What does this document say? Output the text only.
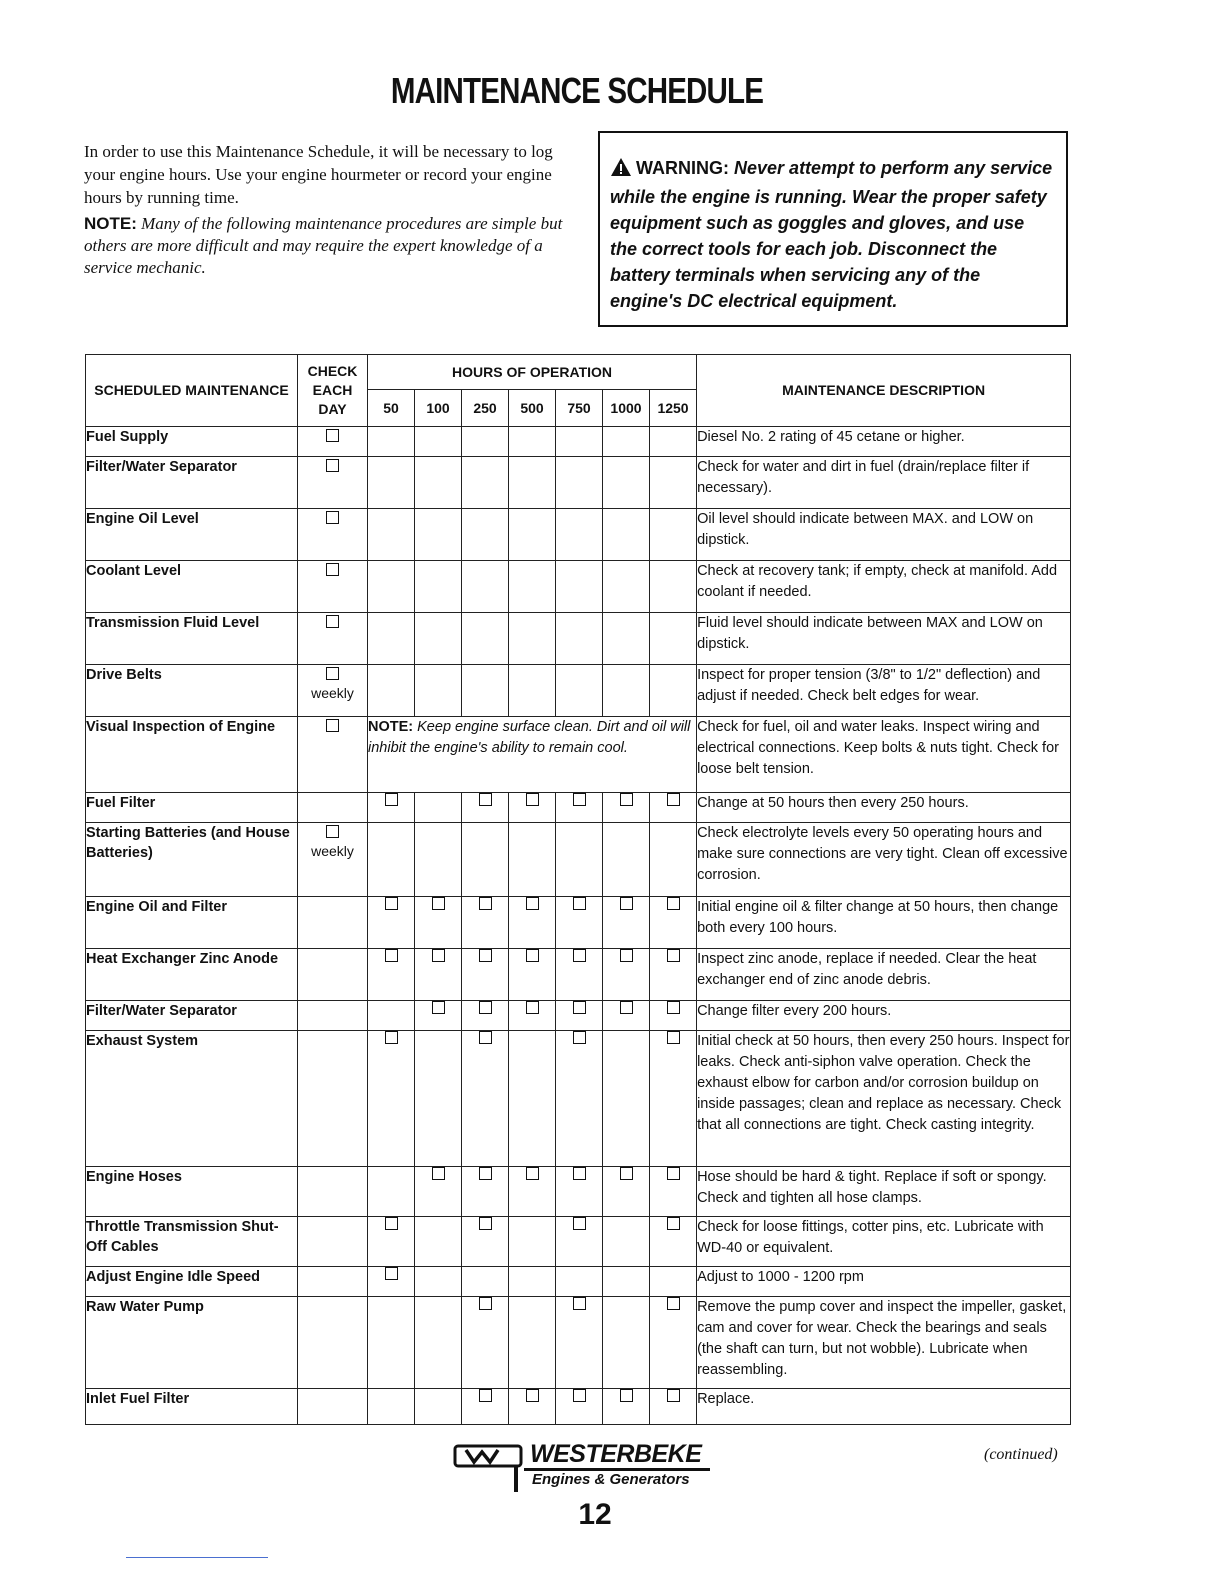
MAINTENANCE SCHEDULE

In order to use this Maintenance Schedule, it will be necessary to log your engine hours. Use your engine hourmeter or record your engine hours by running time.

NOTE: Many of the following maintenance procedures are simple but others are more difficult and may require the expert knowledge of a service mechanic.

WARNING: Never attempt to perform any service while the engine is running. Wear the proper safety equipment such as goggles and gloves, and use the correct tools for each job. Disconnect the battery terminals when servicing any of the engine's DC electrical equipment.
SCHEDULED MAINTENANCE	CHECK EACH DAY	HOURS OF OPERATION							MAINTENANCE DESCRIPTION
		50	100	250	500	750	1000	1250	
Fuel Supply									Diesel No. 2 rating of 45 cetane or higher.
Filter/Water Separator									Check for water and dirt in fuel (drain/replace filter if necessary).
Engine Oil Level									Oil level should indicate between MAX. and LOW on dipstick.
Coolant Level									Check at recovery tank; if empty, check at manifold. Add coolant if needed.
Transmission Fluid Level									Fluid level should indicate between MAX and LOW on dipstick.
Drive Belts	weekly								Inspect for proper tension (3/8" to 1/2" deflection) and adjust if needed. Check belt edges for wear.
Visual Inspection of Engine		NOTE: Keep engine surface clean. Dirt and oil will inhibit the engine's ability to remain cool.							Check for fuel, oil and water leaks. Inspect wiring and electrical connections. Keep bolts & nuts tight. Check for loose belt tension.
Fuel Filter									Change at 50 hours then every 250 hours.
Starting Batteries (and House Batteries)	weekly								Check electrolyte levels every 50 operating hours and make sure connections are very tight. Clean off excessive corrosion.
Engine Oil and Filter									Initial engine oil & filter change at 50 hours, then change both every 100 hours.
Heat Exchanger Zinc Anode									Inspect zinc anode, replace if needed. Clear the heat exchanger end of zinc anode debris.
Filter/Water Separator									Change filter every 200 hours.
Exhaust System									Initial check at 50 hours, then every 250 hours. Inspect for leaks. Check anti-siphon valve operation. Check the exhaust elbow for carbon and/or corrosion buildup on inside passages; clean and replace as necessary. Check that all connections are tight. Check casting integrity.
Engine Hoses									Hose should be hard & tight. Replace if soft or spongy. Check and tighten all hose clamps.
Throttle Transmission Shut-Off Cables									Check for loose fittings, cotter pins, etc. Lubricate with WD-40 or equivalent.
Adjust Engine Idle Speed									Adjust to 1000 - 1200 rpm
Raw Water Pump									Remove the pump cover and inspect the impeller, gasket, cam and cover for wear. Check the bearings and seals (the shaft can turn, but not wobble). Lubricate when reassembling.
Inlet Fuel Filter									Replace.
WESTERBEKE
Engines & Generators
(continued)
12
